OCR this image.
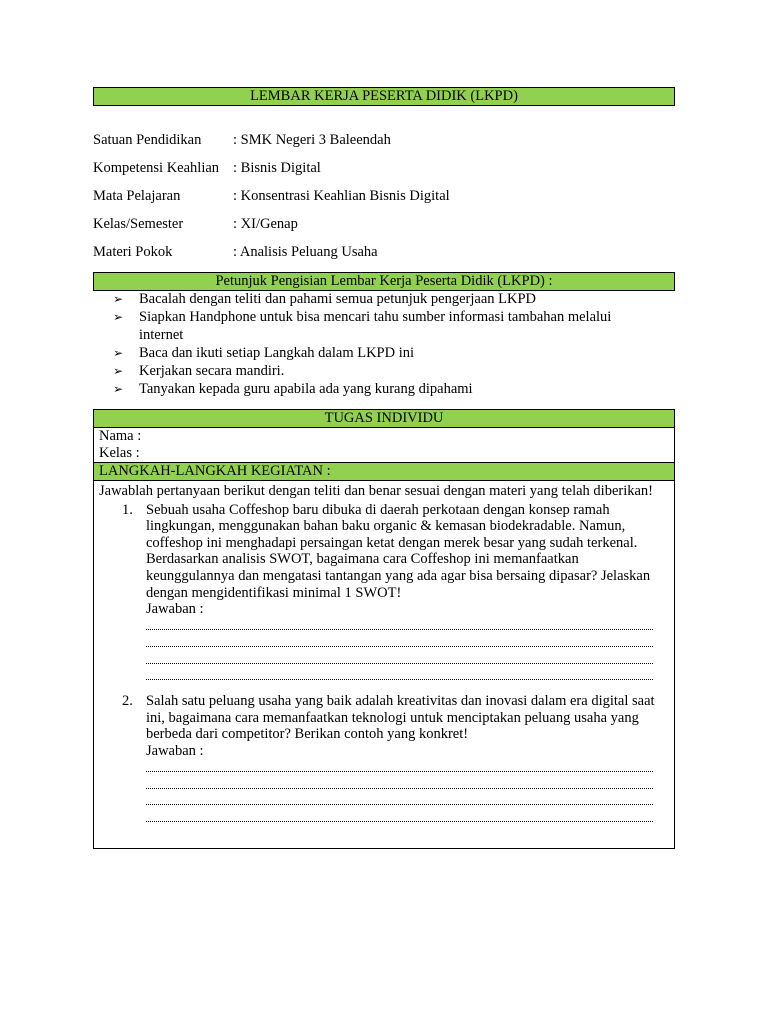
LEMBAR KERJA PESERTA DIDIK (LKPD)
Satuan Pendidikan : SMK Negeri 3 Baleendah
Kompetensi Keahlian : Bisnis Digital
Mata Pelajaran	: Konsentrasi Keahlian Bisnis Digital
Kelas/Semester	: XI/Genap
Materi Pokok	: Analisis Peluang Usaha
Petunjuk Pengisian Lembar Kerja Peserta Didik (LKPD) :
➢ Bacalah dengan teliti dan pahami semua petunjuk pengerjaan LKPD
➢ Siapkan Handphone untuk bisa mencari tahu sumber informasi tambahan melalui internet
➢ Baca dan ikuti setiap Langkah dalam LKPD ini
➢ Kerjakan secara mandiri.
➢ Tanyakan kepada guru apabila ada yang kurang dipahami
TUGAS INDIVIDU
Nama :
Kelas :
LANGKAH-LANGKAH KEGIATAN :
Jawablah pertanyaan berikut dengan teliti dan benar sesuai dengan materi yang telah diberikan!
1. Sebuah usaha Coffeshop baru dibuka di daerah perkotaan dengan konsep ramah lingkungan, menggunakan bahan baku organic & kemasan biodekradable. Namun, coffeshop ini menghadapi persaingan ketat dengan merek besar yang sudah terkenal. Berdasarkan analisis SWOT, bagaimana cara Coffeshop ini memanfaatkan keunggulannya dan mengatasi tantangan yang ada agar bisa bersaing dipasar? Jelaskan dengan mengidentifikasi minimal 1 SWOT!
Jawaban :
2. Salah satu peluang usaha yang baik adalah kreativitas dan inovasi dalam era digital saat ini, bagaimana cara memanfaatkan teknologi untuk menciptakan peluang usaha yang berbeda dari competitor? Berikan contoh yang konkret!
Jawaban :
